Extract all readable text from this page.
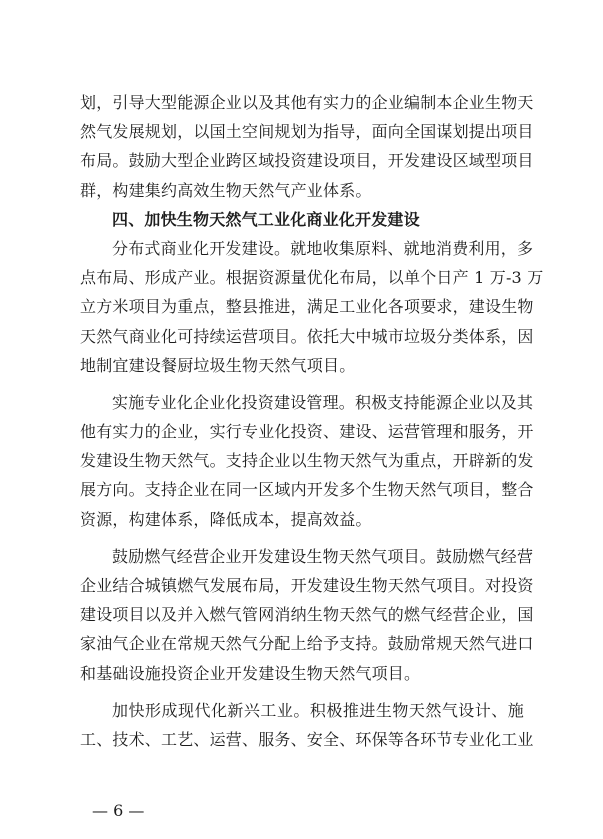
划，引导大型能源企业以及其他有实力的企业编制本企业生物天
然气发展规划，以国土空间规划为指导，面向全国谋划提出项目
布局。鼓励大型企业跨区域投资建设项目，开发建设区域型项目
群，构建集约高效生物天然气产业体系。
四、加快生物天然气工业化商业化开发建设
分布式商业化开发建设。就地收集原料、就地消费利用，多
点布局、形成产业。根据资源量优化布局，以单个日产 1 万-3 万
立方米项目为重点，整县推进，满足工业化各项要求，建设生物
天然气商业化可持续运营项目。依托大中城市垃圾分类体系，因
地制宜建设餐厨垃圾生物天然气项目。
实施专业化企业化投资建设管理。积极支持能源企业以及其
他有实力的企业，实行专业化投资、建设、运营管理和服务，开
发建设生物天然气。支持企业以生物天然气为重点，开辟新的发
展方向。支持企业在同一区域内开发多个生物天然气项目，整合
资源，构建体系，降低成本，提高效益。
鼓励燃气经营企业开发建设生物天然气项目。鼓励燃气经营
企业结合城镇燃气发展布局，开发建设生物天然气项目。对投资
建设项目以及并入燃气管网消纳生物天然气的燃气经营企业，国
家油气企业在常规天然气分配上给予支持。鼓励常规天然气进口
和基础设施投资企业开发建设生物天然气项目。
加快形成现代化新兴工业。积极推进生物天然气设计、施
工、技术、工艺、运营、服务、安全、环保等各环节专业化工业
— 6 —
